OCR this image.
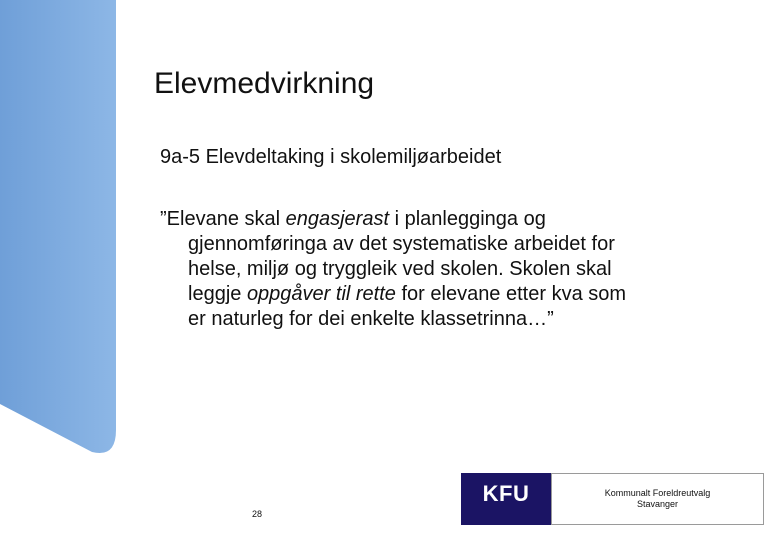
Elevmedvirkning
9a-5 Elevdeltaking i skolemiljøarbeidet
”Elevane skal engasjerast i planlegginga og
gjennomføringa av det systematiske arbeidet for
helse, miljø og tryggleik ved skolen. Skolen skal
leggje oppgåver til rette for elevane etter kva som
er naturleg for dei enkelte klassetrinna…”
28
KFU	Kommunalt Foreldreutvalg
Stavanger
